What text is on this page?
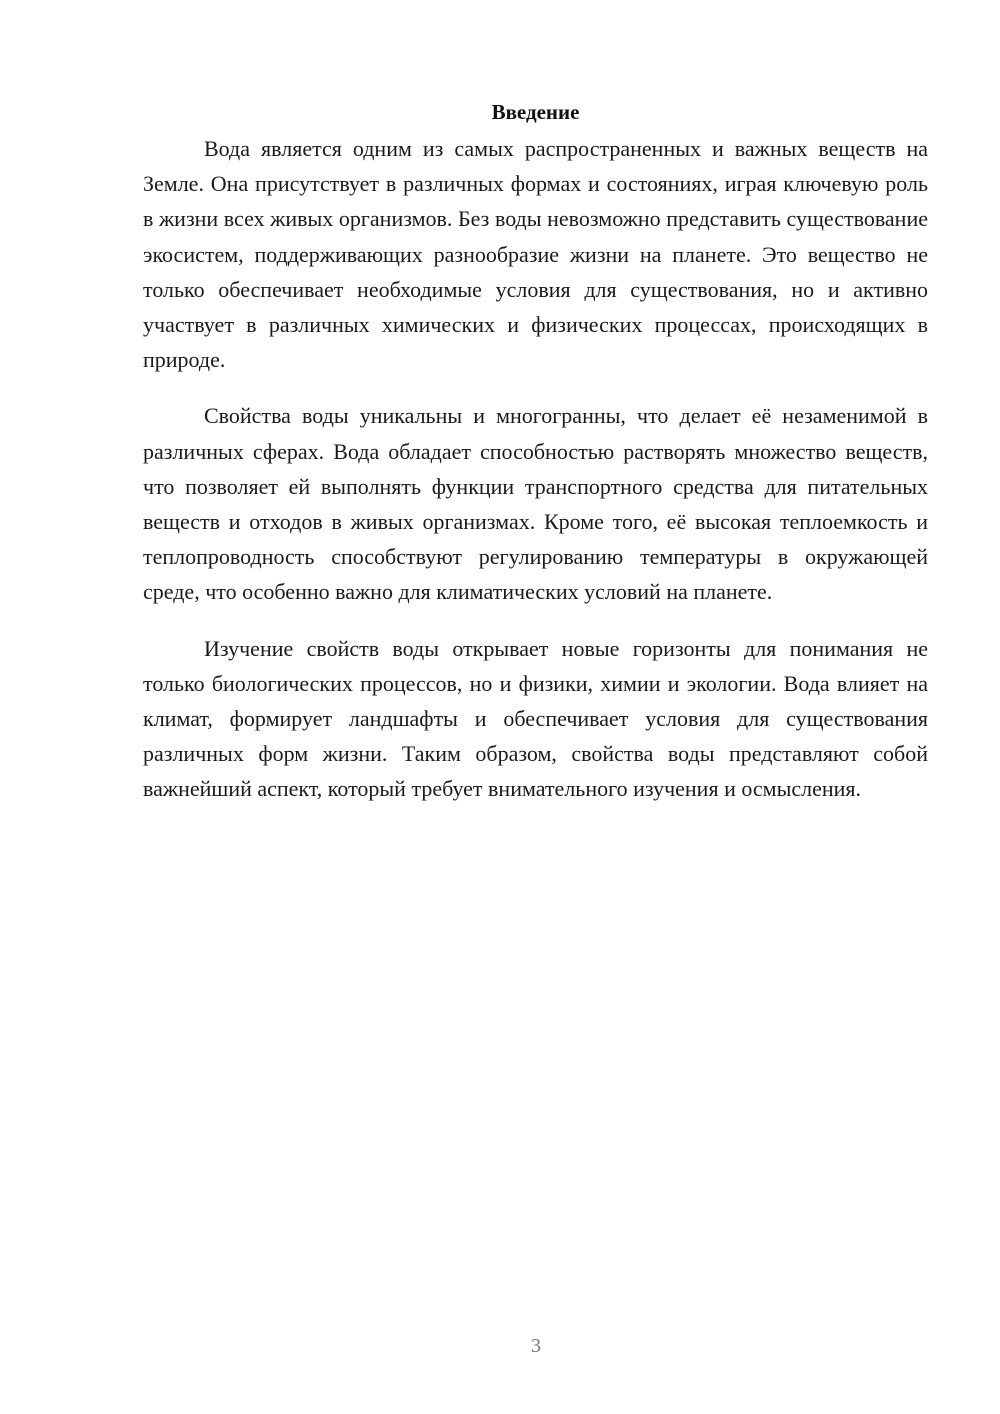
Введение

Вода является одним из самых распространенных и важных веществ на Земле. Она присутствует в различных формах и состояниях, играя ключевую роль в жизни всех живых организмов. Без воды невозможно представить существование экосистем, поддерживающих разнообразие жизни на планете. Это вещество не только обеспечивает необходимые условия для существования, но и активно участвует в различных химических и физических процессах, происходящих в природе.

Свойства воды уникальны и многогранны, что делает её незаменимой в различных сферах. Вода обладает способностью растворять множество веществ, что позволяет ей выполнять функции транспортного средства для питательных веществ и отходов в живых организмах. Кроме того, её высокая теплоемкость и теплопроводность способствуют регулированию температуры в окружающей среде, что особенно важно для климатических условий на планете.

Изучение свойств воды открывает новые горизонты для понимания не только биологических процессов, но и физики, химии и экологии. Вода влияет на климат, формирует ландшафты и обеспечивает условия для существования различных форм жизни. Таким образом, свойства воды представляют собой важнейший аспект, который требует внимательного изучения и осмысления.

3
